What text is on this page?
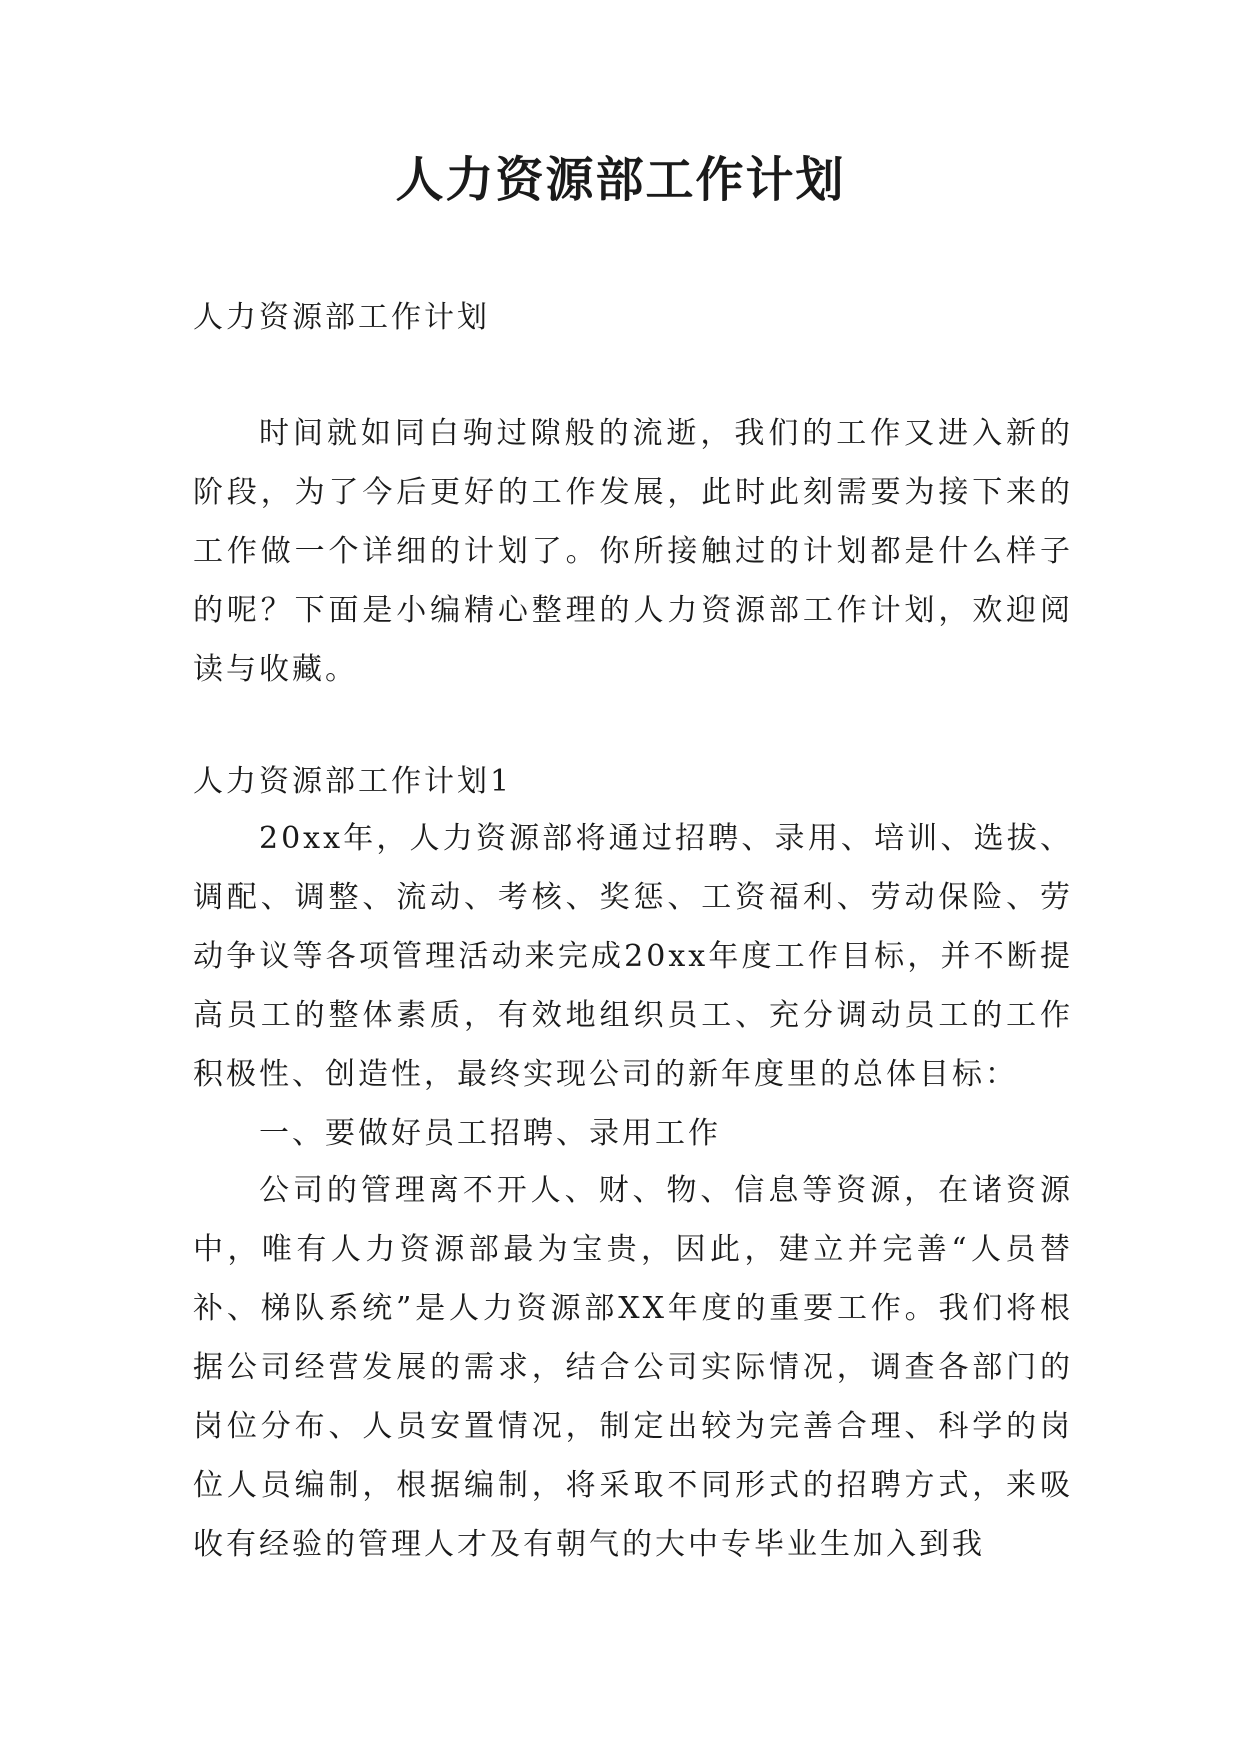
人力资源部工作计划

人力资源部工作计划

时间就如同白驹过隙般的流逝，我们的工作又进入新的阶段，为了今后更好的工作发展，此时此刻需要为接下来的工作做一个详细的计划了。你所接触过的计划都是什么样子的呢？下面是小编精心整理的人力资源部工作计划，欢迎阅读与收藏。

人力资源部工作计划1

20xx年，人力资源部将通过招聘、录用、培训、选拔、调配、调整、流动、考核、奖惩、工资福利、劳动保险、劳动争议等各项管理活动来完成20xx年度工作目标，并不断提高员工的整体素质，有效地组织员工、充分调动员工的工作积极性、创造性，最终实现公司的新年度里的总体目标：

一、要做好员工招聘、录用工作

公司的管理离不开人、财、物、信息等资源，在诸资源中，唯有人力资源部最为宝贵，因此，建立并完善“人员替补、梯队系统”是人力资源部XX年度的重要工作。我们将根据公司经营发展的需求，结合公司实际情况，调查各部门的岗位分布、人员安置情况，制定出较为完善合理、科学的岗位人员编制，根据编制，将采取不同形式的招聘方式，来吸收有经验的管理人才及有朝气的大中专毕业生加入到我
